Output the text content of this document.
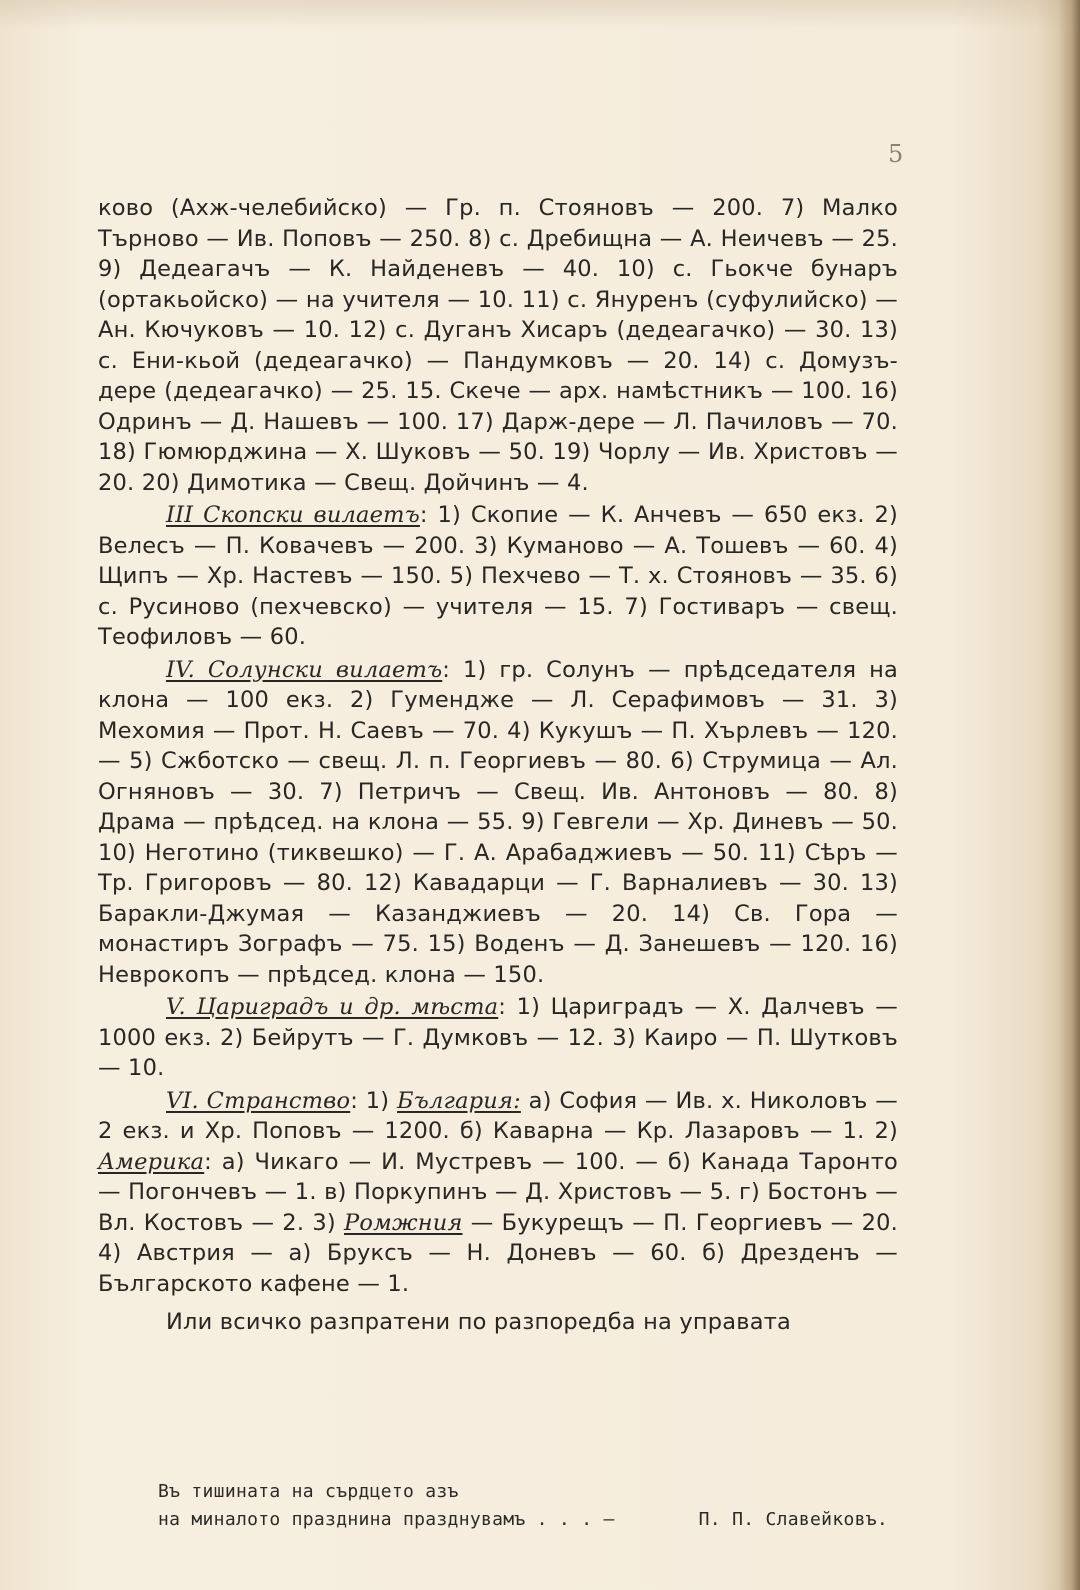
5

ково (Ахж-челебийско) — Гр. п. Стояновъ — 200. 7) Малко Търново — Ив. Поповъ — 250. 8) с. Дребищна — А. Неичевъ — 25. 9) Дедеагачъ — К. Найденевъ — 40. 10) с. Гьокче бунаръ (ортакьойско) — на учителя — 10. 11) с. Януренъ (суфулийско) — Ан. Кючуковъ — 10. 12) с. Дуганъ Хисаръ (дедеагачко) — 30. 13) с. Ени-кьой (дедеагачко) — Пандумковъ — 20. 14) с. Домузъ-дере (дедеагачко) — 25. 15. Скече — арх. намѣстникъ — 100. 16) Одринъ — Д. Нашевъ — 100. 17) Дарж-дере — Л. Пачиловъ — 70. 18) Гюмюрджина — Х. Шуковъ — 50. 19) Чорлу — Ив. Христовъ — 20. 20) Димотика — Свещ. Дойчинъ — 4.

III Скопски вилаетъ: 1) Скопие — К. Анчевъ — 650 екз. 2) Велесъ — П. Ковачевъ — 200. 3) Куманово — А. Тошевъ — 60. 4) Щипъ — Хр. Настевъ — 150. 5) Пехчево — Т. х. Стояновъ — 35. 6) с. Русиново (пехчевско) — учителя — 15. 7) Гостиваръ — свещ. Теофиловъ — 60.

IV. Солунски вилаетъ: 1) гр. Солунъ — прѣдседателя на клона — 100 екз. 2) Гумендже — Л. Серафимовъ — 31. 3) Мехомия — Прот. Н. Саевъ — 70. 4) Кукушъ — П. Хърлевъ — 120. — 5) Сжботско — свещ. Л. п. Георгиевъ — 80. 6) Струмица — Ал. Огняновъ — 30. 7) Петричъ — Свещ. Ив. Антоновъ — 80. 8) Драма — прѣдсед. на клона — 55. 9) Гевгели — Хр. Диневъ — 50. 10) Неготино (тиквешко) — Г. А. Арабаджиевъ — 50. 11) Сѣръ — Тр. Григоровъ — 80. 12) Кавадарци — Г. Варналиевъ — 30. 13) Баракли-Джумая — Казанджиевъ — 20. 14) Св. Гора — монастиръ Зографъ — 75. 15) Воденъ — Д. Занешевъ — 120. 16) Неврокопъ — прѣдсед. клона — 150.

V. Цариградъ и др. мѣста: 1) Цариградъ — Х. Далчевъ — 1000 екз. 2) Бейрутъ — Г. Думковъ — 12. 3) Каиро — П. Шутковъ — 10.

VI. Странство: 1) България: а) София — Ив. х. Николовъ — 2 екз. и Хр. Поповъ — 1200. б) Каварна — Кр. Лазаровъ — 1. 2) Америка: а) Чикаго — И. Мустревъ — 100. — б) Канада Таронто — Погончевъ — 1. в) Поркупинъ — Д. Христовъ — 5. г) Бостонъ — Вл. Костовъ — 2. 3) Ромжния — Букурещъ — П. Георгиевъ — 20. 4) Австрия — а) Бруксъ — Н. Доневъ — 60. б) Дрезденъ — Българското кафене — 1.

Или всичко разпратени по разпоредба на управата

Въ тишината на сърдцето азъ
на миналото празднина празднувамъ . . . —	П. П. Славейковъ.
